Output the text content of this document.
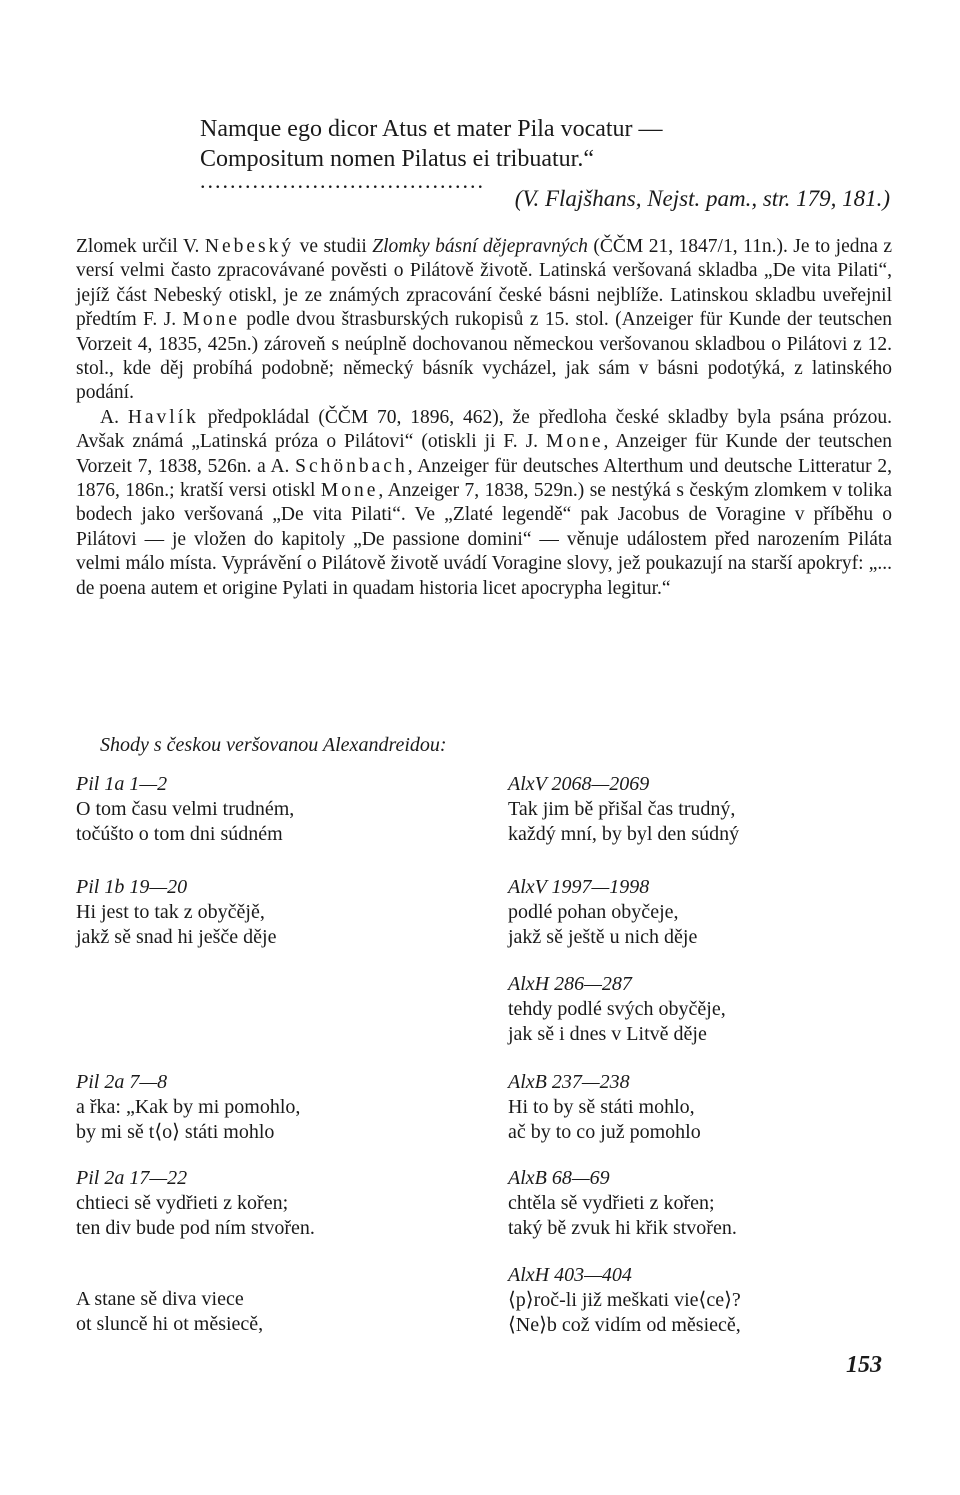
Namque ego dicor Atus et mater Pila vocatur —
Compositum nomen Pilatus ei tribuatur.“
......................................
(V. Flajšhans, Nejst. pam., str. 179, 181.)

Zlomek určil V. Nebeský ve studii Zlomky básní dějepravných (ČČM 21, 1847/1, 11n.). Je to jedna z versí velmi často zpracovávané pověsti o Pilátově životě. Latinská veršovaná skladba „De vita Pilati“, jejíž část Nebeský otiskl, je ze známých zpracování české básni nejblíže. Latinskou skladbu uveřejnil předtím F. J. Mone podle dvou štrasburských rukopisů z 15. stol. (Anzeiger für Kunde der teutschen Vorzeit 4, 1835, 425n.) zároveň s neúplně dochovanou německou veršovanou skladbou o Pilátovi z 12. stol., kde děj probíhá podobně; německý básník vycházel, jak sám v básni podotýká, z latinského podání.

A. Havlík předpokládal (ČČM 70, 1896, 462), že předloha české skladby byla psána prózou. Avšak známá „Latinská próza o Pilátovi“ (otiskli ji F. J. Mone, Anzeiger für Kunde der teutschen Vorzeit 7, 1838, 526n. a A. Schönbach, Anzeiger für deutsches Alterthum und deutsche Litteratur 2, 1876, 186n.; kratší versi otiskl Mone, Anzeiger 7, 1838, 529n.) se nestýká s českým zlomkem v tolika bodech jako veršovaná „De vita Pilati“. Ve „Zlaté legendě“ pak Jacobus de Voragine v příběhu o Pilátovi — je vložen do kapitoly „De passione domini“ — věnuje událostem před narozením Piláta velmi málo místa. Vyprávění o Pilátově životě uvádí Voragine slovy, jež poukazují na starší apokryf: „... de poena autem et origine Pylati in quadam historia licet apocrypha legitur.“

Shody s českou veršovanou Alexandreidou:
Pil 1a 1—2
O tom času velmi trudném,
točúšto o tom dni súdném
Pil 1b 19—20
Hi jest to tak z obyčějě,
jakž sě snad hi ješče děje
Pil 2a 7—8
a řka: „Kak by mi pomohlo,
by mi sě t⟨o⟩ státi mohlo
Pil 2a 17—22
chtieci sě vydřieti z kořen;
ten div bude pod ním stvořen.
A stane sě diva viece
ot sluncě hi ot měsiecě,
AlxV 2068—2069
Tak jim bě přišal čas trudný,
každý mní, by byl den súdný
AlxV 1997—1998
podlé pohan obyčeje,
jakž sě ještě u nich děje
AlxH 286—287
tehdy podlé svých obyčěje,
jak sě i dnes v Litvě děje
AlxB 237—238
Hi to by sě státi mohlo,
ač by to co juž pomohlo
AlxB 68—69
chtěla sě vydřieti z kořen;
taký bě zvuk hi křik stvořen.
AlxH 403—404
⟨p⟩roč-li již meškati vie⟨ce⟩?
⟨Ne⟩b což vidím od měsiecě,
153
